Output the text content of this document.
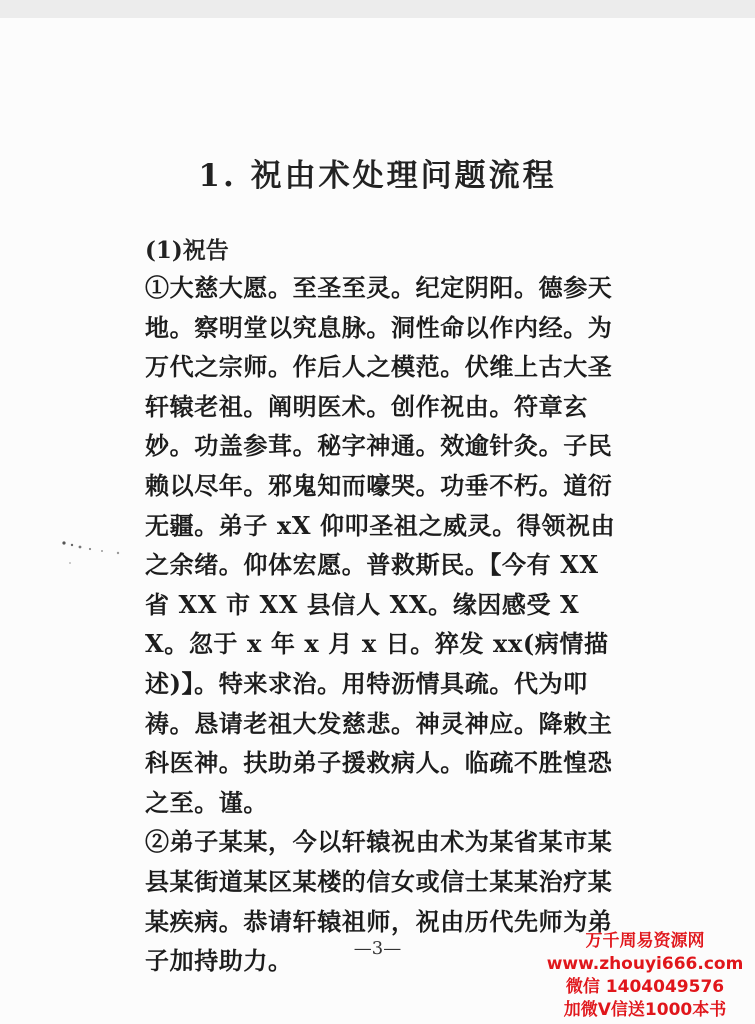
1. 祝由术处理问题流程
(1)祝告

①大慈大愿。至圣至灵。纪定阴阳。德参天地。察明堂以究息脉。洞性命以作内经。为万代之宗师。作后人之模范。伏维上古大圣轩辕老祖。阐明医术。创作祝由。符章玄妙。功盖参茸。秘字神通。效逾针灸。子民赖以尽年。邪鬼知而嚎哭。功垂不朽。道衍无疆。弟子 xX 仰叩圣祖之威灵。得领祝由之余绪。仰体宏愿。普救斯民。【今有 XX 省 XX 市 XX 县信人 XX。缘因感受 XX。忽于 x 年 x 月 x 日。猝发 xx(病情描述)】。特来求治。用特沥情具疏。代为叩祷。恳请老祖大发慈悲。神灵神应。降敕主科医神。扶助弟子援救病人。临疏不胜惶恐之至。谨。

②弟子某某，今以轩辕祝由术为某省某市某县某街道某区某楼的信女或信士某某治疗某某疾病。恭请轩辕祖师，祝由历代先师为弟子加持助力。	—3—	万千周易资源网
www.zhouyi666.com
微信 1404049576
加微V信送1000本书
